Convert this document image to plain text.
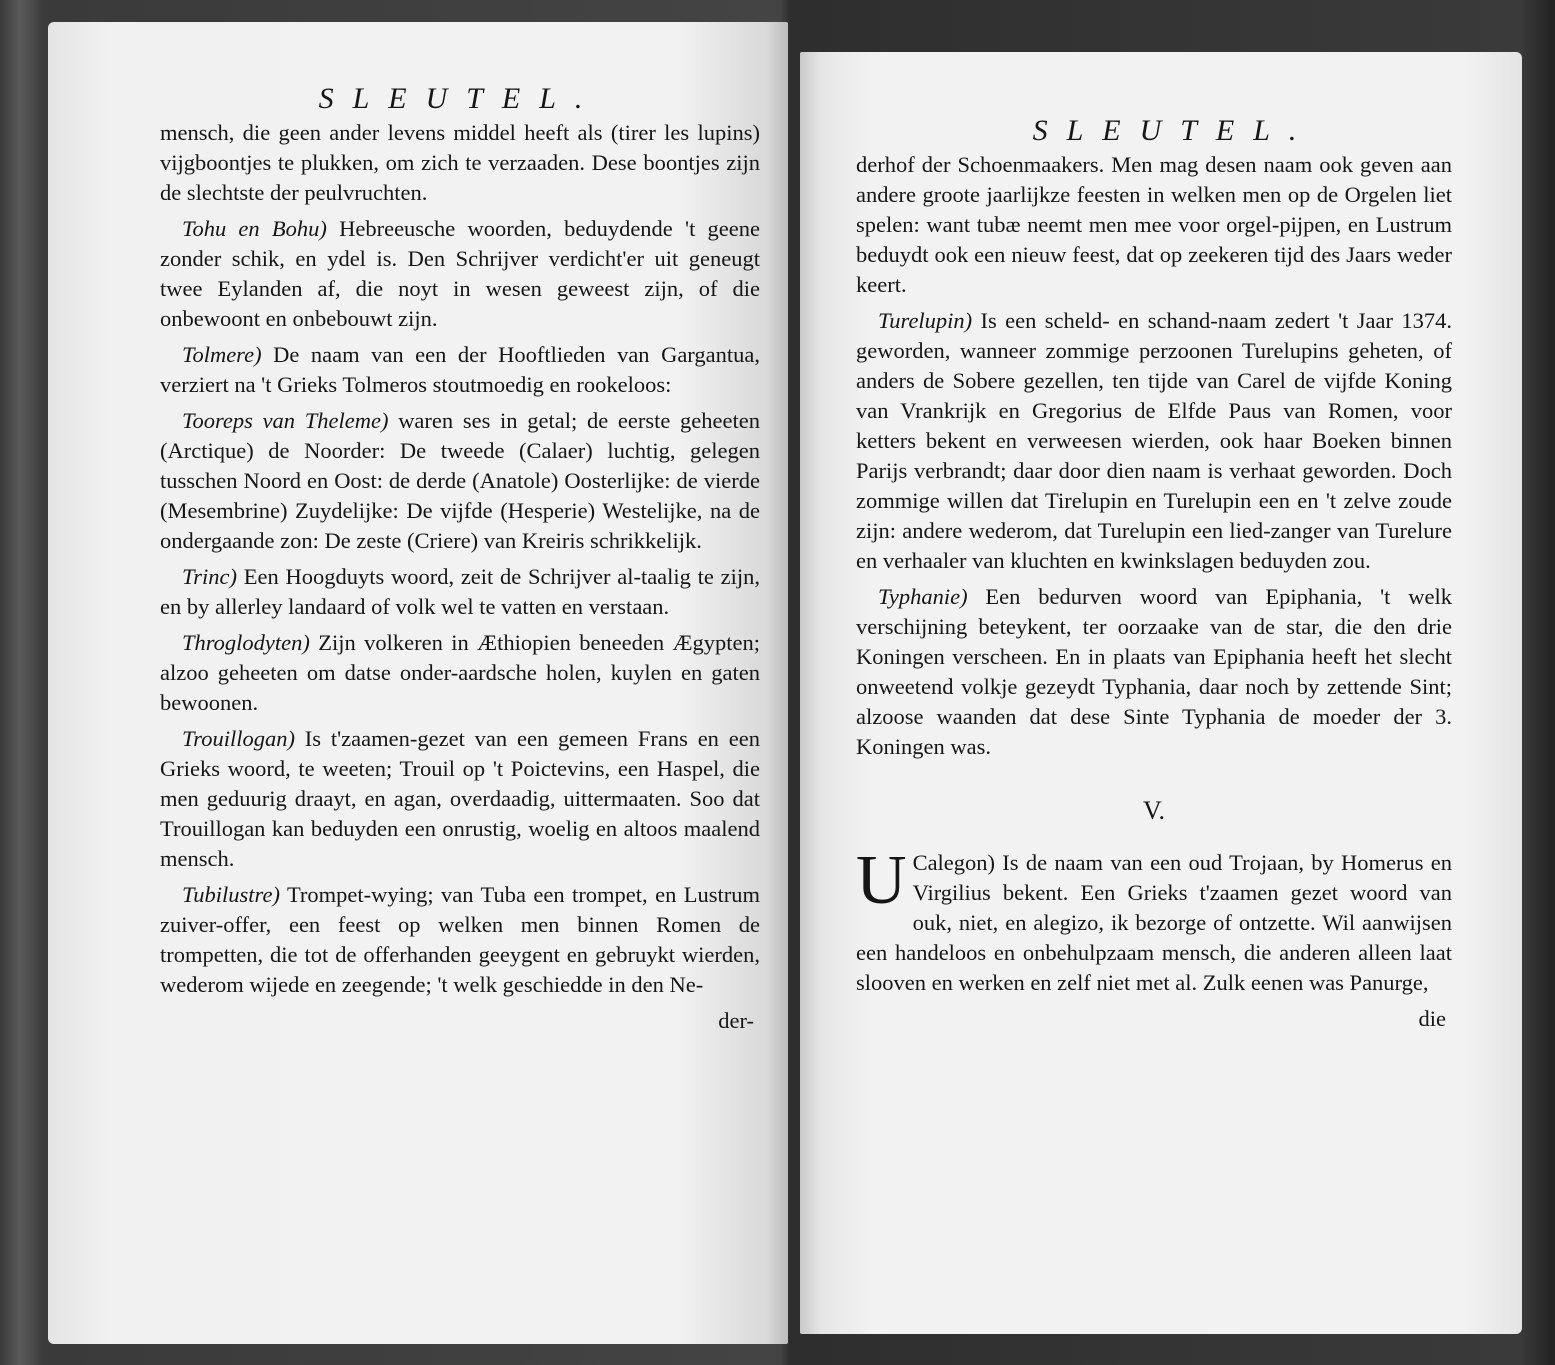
SLEUTEL.

mensch, die geen ander levens middel heeft als (tirer les lupins) vijgboontjes te plukken, om zich te verzaaden. Dese boontjes zijn de slechtste der peulvruchten.

Tohu en Bohu) Hebreeusche woorden, beduydende 't geene zonder schik, en ydel is. Den Schrijver verdicht'er uit geneugt twee Eylanden af, die noyt in wesen geweest zijn, of die onbewoont en onbebouwt zijn.

Tolmere) De naam van een der Hooftlieden van Gargantua, verziert na 't Grieks Tolmeros stoutmoedig en rookeloos:

Tooreps van Theleme) waren ses in getal; de eerste geheeten (Arctique) de Noorder: De tweede (Calaer) luchtig, gelegen tusschen Noord en Oost: de derde (Anatole) Oosterlijke: de vierde (Mesembrine) Zuydelijke: De vijfde (Hesperie) Westelijke, na de ondergaande zon: De zeste (Criere) van Kreiris schrikkelijk.

Trinc) Een Hoogduyts woord, zeit de Schrijver al-taalig te zijn, en by allerley landaard of volk wel te vatten en verstaan.

Throglodyten) Zijn volkeren in Æthiopien beneeden Ægypten; alzoo geheeten om datse onder-aardsche holen, kuylen en gaten bewoonen.

Trouillogan) Is t'zaamen-gezet van een gemeen Frans en een Grieks woord, te weeten; Trouil op 't Poictevins, een Haspel, die men geduurig draayt, en agan, overdaadig, uittermaaten. Soo dat Trouillogan kan beduyden een onrustig, woelig en altoos maalend mensch.

Tubilustre) Trompet-wying; van Tuba een trompet, en Lustrum zuiver-offer, een feest op welken men binnen Romen de trompetten, die tot de offerhanden geeygent en gebruykt wierden, wederom wijede en zeegende; 't welk geschiedde in den Ne-

der-
SLEUTEL.

derhof der Schoenmaakers. Men mag desen naam ook geven aan andere groote jaarlijkze feesten in welken men op de Orgelen liet spelen: want tubæ neemt men mee voor orgel-pijpen, en Lustrum beduydt ook een nieuw feest, dat op zeekeren tijd des Jaars weder keert.

Turelupin) Is een scheld- en schand-naam zedert 't Jaar 1374. geworden, wanneer zommige perzoonen Turelupins geheten, of anders de Sobere gezellen, ten tijde van Carel de vijfde Koning van Vrankrijk en Gregorius de Elfde Paus van Romen, voor ketters bekent en verweesen wierden, ook haar Boeken binnen Parijs verbrandt; daar door dien naam is verhaat geworden. Doch zommige willen dat Tirelupin en Turelupin een en 't zelve zoude zijn: andere wederom, dat Turelupin een lied-zanger van Turelure en verhaaler van kluchten en kwinkslagen beduyden zou.

Typhanie) Een bedurven woord van Epiphania, 't welk verschijning beteykent, ter oorzaake van de star, die den drie Koningen verscheen. En in plaats van Epiphania heeft het slecht onweetend volkje gezeydt Typhania, daar noch by zettende Sint; alzoose waanden dat dese Sinte Typhania de moeder der 3. Koningen was.

V.

U Calegon) Is de naam van een oud Trojaan, by Homerus en Virgilius bekent. Een Grieks t'zaamen gezet woord van ouk, niet, en alegizo, ik bezorge of ontzette. Wil aanwijsen een handeloos en onbehulpzaam mensch, die anderen alleen laat slooven en werken en zelf niet met al. Zulk eenen was Panurge,

die
